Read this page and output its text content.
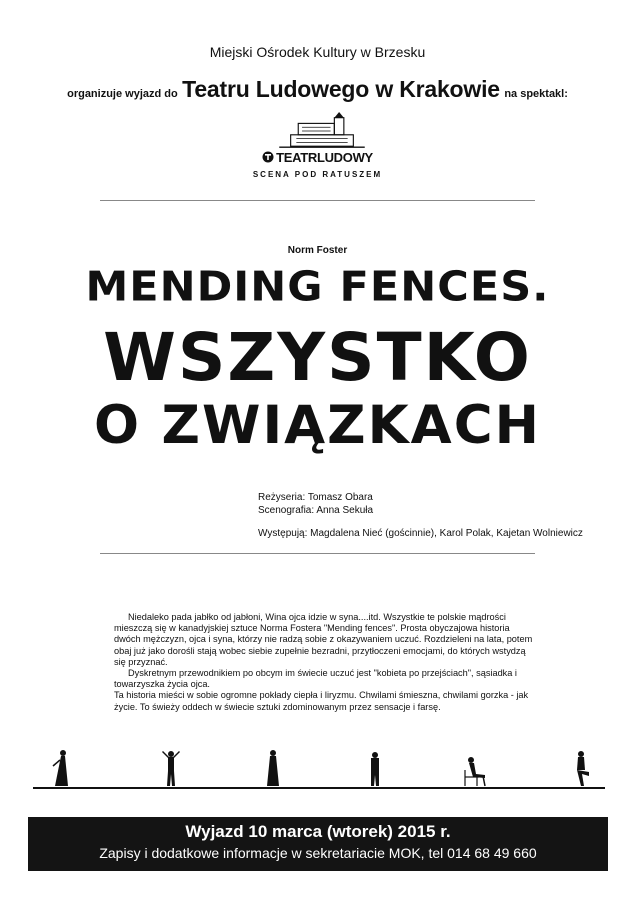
Miejski Ośrodek Kultury w Brzesku
organizuje wyjazd do Teatru Ludowego w Krakowie na spektakl:
TEATRLUDOWY
SCENA POD RATUSZEM
Norm Foster
MENDING FENCES.
WSZYSTKO
O ZWIĄZKACH
Reżyseria: Tomasz Obara
Scenografia: Anna Sekuła
Występują: Magdalena Nieć (gościnnie), Karol Polak, Kajetan Wolniewicz

Niedaleko pada jabłko od jabłoni, Wina ojca idzie w syna....itd. Wszystkie te polskie mądrości mieszczą się w kanadyjskiej sztuce Norma Fostera "Mending fences". Prosta obyczajowa historia dwóch mężczyzn, ojca i syna, którzy nie radzą sobie z okazywaniem uczuć. Rozdzieleni na lata, potem obaj już jako dorośli stają wobec siebie zupełnie bezradni, przytłoczeni emocjami, do których wstydzą się przyznać.

Dyskretnym przewodnikiem po obcym im świecie uczuć jest "kobieta po przejściach", sąsiadka i towarzyszka życia ojca.

Ta historia mieści w sobie ogromne pokłady ciepła i liryzmu. Chwilami śmieszna, chwilami gorzka - jak życie. To świeży oddech w świecie sztuki zdominowanym przez sensacje i farsę.

Wyjazd 10 marca (wtorek) 2015 r.
Zapisy i dodatkowe informacje w sekretariacie MOK, tel 014 68 49 660
